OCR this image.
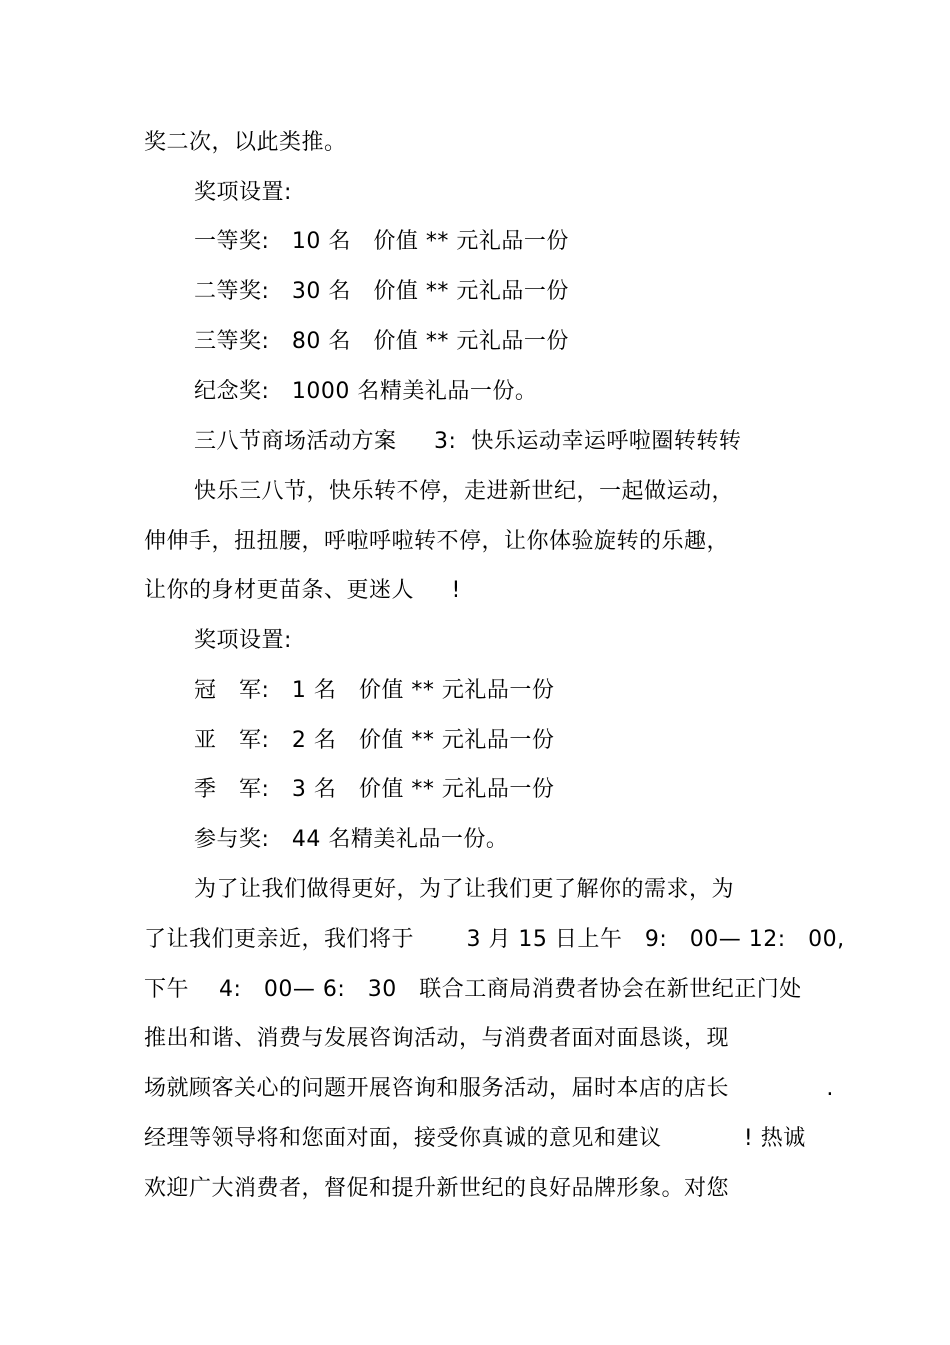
奖二次，以此类推。
奖项设置:
一等奖:   10 名   价值 ** 元礼品一份
二等奖:   30 名   价值 ** 元礼品一份
三等奖:   80 名   价值 ** 元礼品一份
纪念奖:   1000 名精美礼品一份。
三八节商场活动方案     3:  快乐运动幸运呼啦圈转转转
快乐三八节，快乐转不停，走进新世纪，一起做运动，
伸伸手，扭扭腰，呼啦呼啦转不停，让你体验旋转的乐趣，
让你的身材更苗条、更迷人     !
奖项设置:
冠   军:   1 名   价值 ** 元礼品一份
亚   军:   2 名   价值 ** 元礼品一份
季   军:   3 名   价值 ** 元礼品一份
参与奖:   44 名精美礼品一份。
为了让我们做得更好，为了让我们更了解你的需求，为
了让我们更亲近，我们将于       3 月 15 日上午   9:   00— 12:   00,
下午    4:   00— 6:   30   联合工商局消费者协会在新世纪正门处
推出和谐、消费与发展咨询活动，与消费者面对面恳谈，现
场就顾客关心的问题开展咨询和服务活动，届时本店的店长             .
经理等领导将和您面对面，接受你真诚的意见和建议           ! 热诚
欢迎广大消费者，督促和提升新世纪的良好品牌形象。对您
